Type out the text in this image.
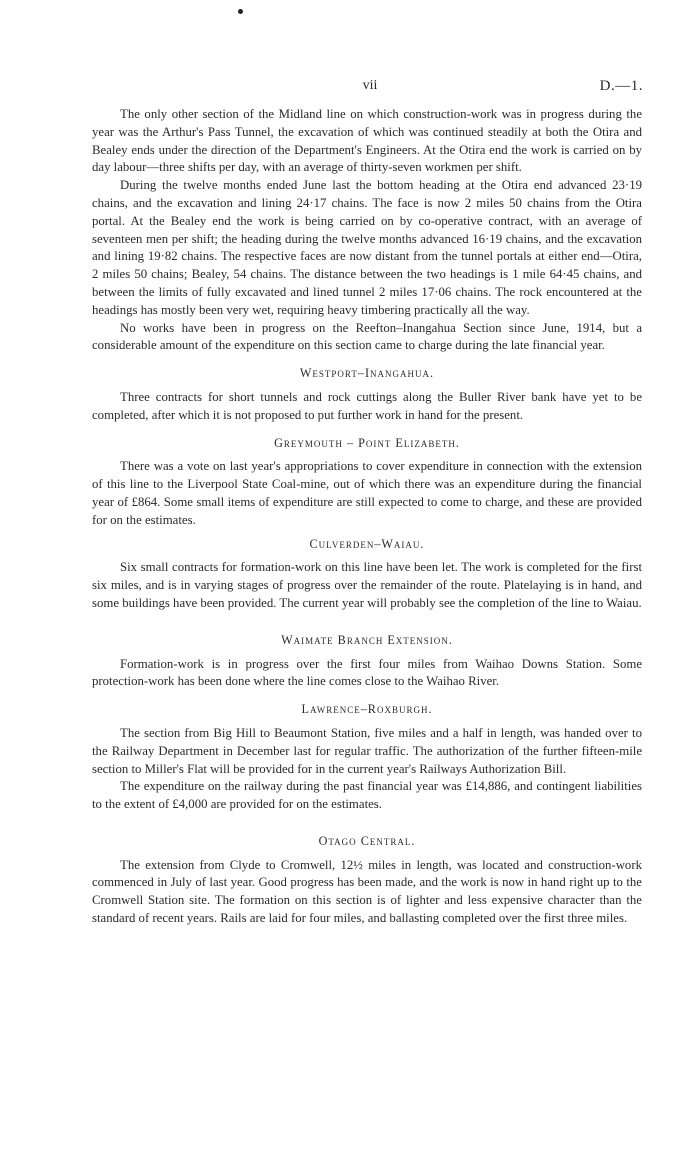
vii	D.—1.

The only other section of the Midland line on which construction-work was in progress during the year was the Arthur's Pass Tunnel, the excavation of which was continued steadily at both the Otira and Bealey ends under the direction of the Department's Engineers. At the Otira end the work is carried on by day labour—three shifts per day, with an average of thirty-seven workmen per shift.

During the twelve months ended June last the bottom heading at the Otira end advanced 23·19 chains, and the excavation and lining 24·17 chains. The face is now 2 miles 50 chains from the Otira portal. At the Bealey end the work is being carried on by co-operative contract, with an average of seventeen men per shift; the heading during the twelve months advanced 16·19 chains, and the excavation and lining 19·82 chains. The respective faces are now distant from the tunnel portals at either end—Otira, 2 miles 50 chains; Bealey, 54 chains. The distance between the two headings is 1 mile 64·45 chains, and between the limits of fully excavated and lined tunnel 2 miles 17·06 chains. The rock encountered at the headings has mostly been very wet, requiring heavy timbering practically all the way.

No works have been in progress on the Reefton–Inangahua Section since June, 1914, but a considerable amount of the expenditure on this section came to charge during the late financial year.

Westport–Inangahua.

Three contracts for short tunnels and rock cuttings along the Buller River bank have yet to be completed, after which it is not proposed to put further work in hand for the present.

Greymouth – Point Elizabeth.

There was a vote on last year's appropriations to cover expenditure in connection with the extension of this line to the Liverpool State Coal-mine, out of which there was an expenditure during the financial year of £864. Some small items of expenditure are still expected to come to charge, and these are provided for on the estimates.

Culverden–Waiau.

Six small contracts for formation-work on this line have been let. The work is completed for the first six miles, and is in varying stages of progress over the remainder of the route. Platelaying is in hand, and some buildings have been provided. The current year will probably see the completion of the line to Waiau.

Waimate Branch Extension.

Formation-work is in progress over the first four miles from Waihao Downs Station. Some protection-work has been done where the line comes close to the Waihao River.

Lawrence–Roxburgh.

The section from Big Hill to Beaumont Station, five miles and a half in length, was handed over to the Railway Department in December last for regular traffic. The authorization of the further fifteen-mile section to Miller's Flat will be provided for in the current year's Railways Authorization Bill.

The expenditure on the railway during the past financial year was £14,886, and contingent liabilities to the extent of £4,000 are provided for on the estimates.

Otago Central.

The extension from Clyde to Cromwell, 12½ miles in length, was located and construction-work commenced in July of last year. Good progress has been made, and the work is now in hand right up to the Cromwell Station site. The formation on this section is of lighter and less expensive character than the standard of recent years. Rails are laid for four miles, and ballasting completed over the first three miles.
